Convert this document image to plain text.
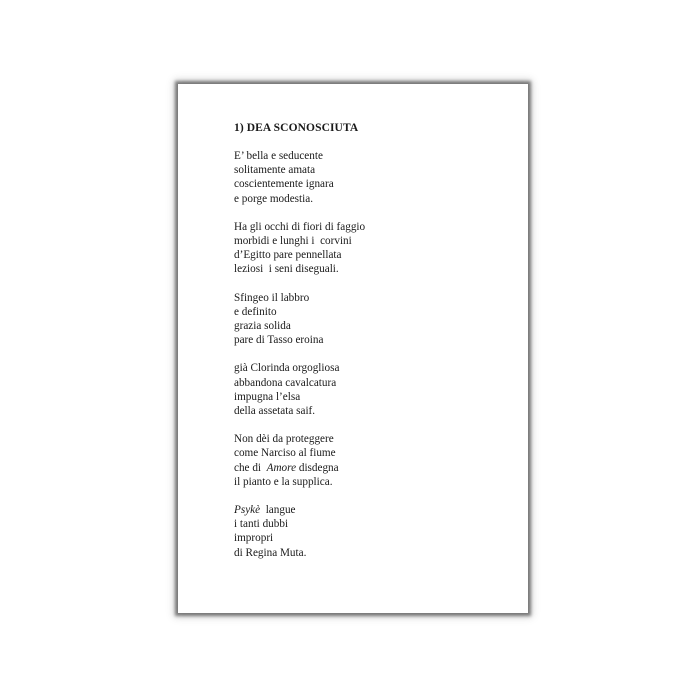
1) DEA SCONOSCIUTA
E’ bella e seducente
solitamente amata
coscientemente ignara
e porge modestia.
Ha gli occhi di fiori di faggio
morbidi e lunghi i  corvini
d’Egitto pare pennellata
leziosi  i seni diseguali.
Sfingeo il labbro
e definito
grazia solida
pare di Tasso eroina
già Clorinda orgogliosa
abbandona cavalcatura
impugna l’elsa
della assetata saif.
Non dèi da proteggere
come Narciso al fiume
che di  Amore disdegna
il pianto e la supplica.
Psykè  langue
i tanti dubbi
impropri
di Regina Muta.
